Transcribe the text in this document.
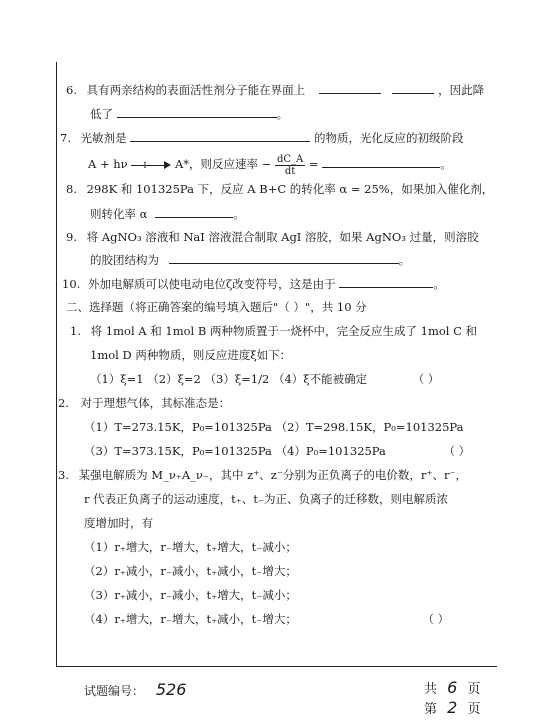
6. 具有两亲结构的表面活性剂分子能在界面上	，因此降
低了	。
7. 光敏剂是	的物质，光化反应的初级阶段
A + hν I A*，则反应速率 − $\frac{dC\_A}{dt}$ =	。
8. 298K 和 101325Pa 下，反应 A B+C 的转化率 α = 25%，如果加入催化剂，
则转化率 α	。
9. 将 AgNO₃ 溶液和 NaI 溶液混合制取 AgI 溶胶，如果 AgNO₃ 过量，则溶胶
的胶团结构为	。
10. 外加电解质可以使电动电位ζ改变符号，这是由于	。
二、选择题（将正确答案的编号填入题后"（ ）"，共 10 分
1. 将 1mol A 和 1mol B 两种物质置于一烧杯中，完全反应生成了 1mol C 和
1mol D 两种物质，则反应进度ξ如下：
（1）ξ=1 （2）ξ=2 （3）ξ=1/2 （4）ξ不能被确定	（ ）
2. 对于理想气体，其标准态是：
（1）T=273.15K，P₀=101325Pa （2）T=298.15K，P₀=101325Pa
（3）T=373.15K，P₀=101325Pa （4）P₀=101325Pa	（ ）
3. 某强电解质为 M_ν₊A_ν₋，其中 z⁺、z⁻分别为正负离子的电价数，r⁺、r⁻，
r 代表正负离子的运动速度，t₊、t₋为正、负离子的迁移数，则电解质浓
度增加时，有
（1）r₊增大，r₋增大，t₊增大，t₋减小；
（2）r₊减小，r₋减小，t₊减小，t₋增大；
（3）r₊减小，r₋减小，t₊增大，t₋减小；
（4）r₊增大，r₋增大，t₊减小，t₋增大；	（ ）
试题编号： 526	共 6 页
第 2 页
